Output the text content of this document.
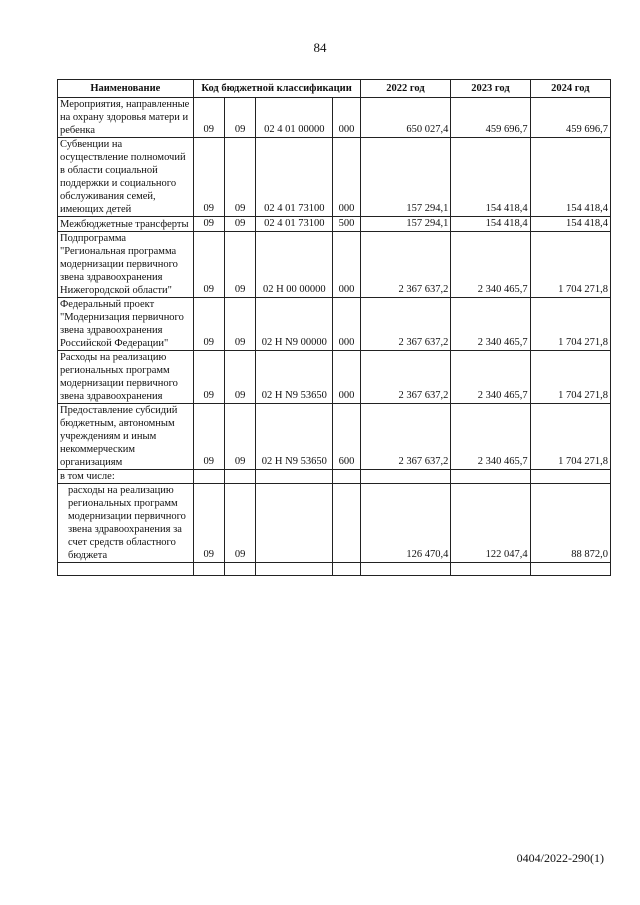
84
Наименование	Код бюджетной классификации				2022 год	2023 год	2024 год
Мероприятия, направленные на охрану здоровья матери и ребенка	09	09	02 4 01 00000	000	650 027,4	459 696,7	459 696,7
Субвенции на осуществление полномочий в области социальной поддержки и социального обслуживания семей, имеющих детей	09	09	02 4 01 73100	000	157 294,1	154 418,4	154 418,4
Межбюджетные трансферты	09	09	02 4 01 73100	500	157 294,1	154 418,4	154 418,4
Подпрограмма "Региональная программа модернизации первичного звена здравоохранения Нижегородской области"	09	09	02 Н 00 00000	000	2 367 637,2	2 340 465,7	1 704 271,8
Федеральный проект "Модернизация первичного звена здравоохранения Российской Федерации"	09	09	02 Н N9 00000	000	2 367 637,2	2 340 465,7	1 704 271,8
Расходы на реализацию региональных программ модернизации первичного звена здравоохранения	09	09	02 Н N9 53650	000	2 367 637,2	2 340 465,7	1 704 271,8
Предоставление субсидий бюджетным, автономным учреждениям и иным некоммерческим организациям	09	09	02 Н N9 53650	600	2 367 637,2	2 340 465,7	1 704 271,8
в том числе:							

расходы на реализацию региональных программ модернизации первичного звена здравоохранения за счет средств областного бюджета	09	09			126 470,4	122 047,4	88 872,0

0404/2022-290(1)
